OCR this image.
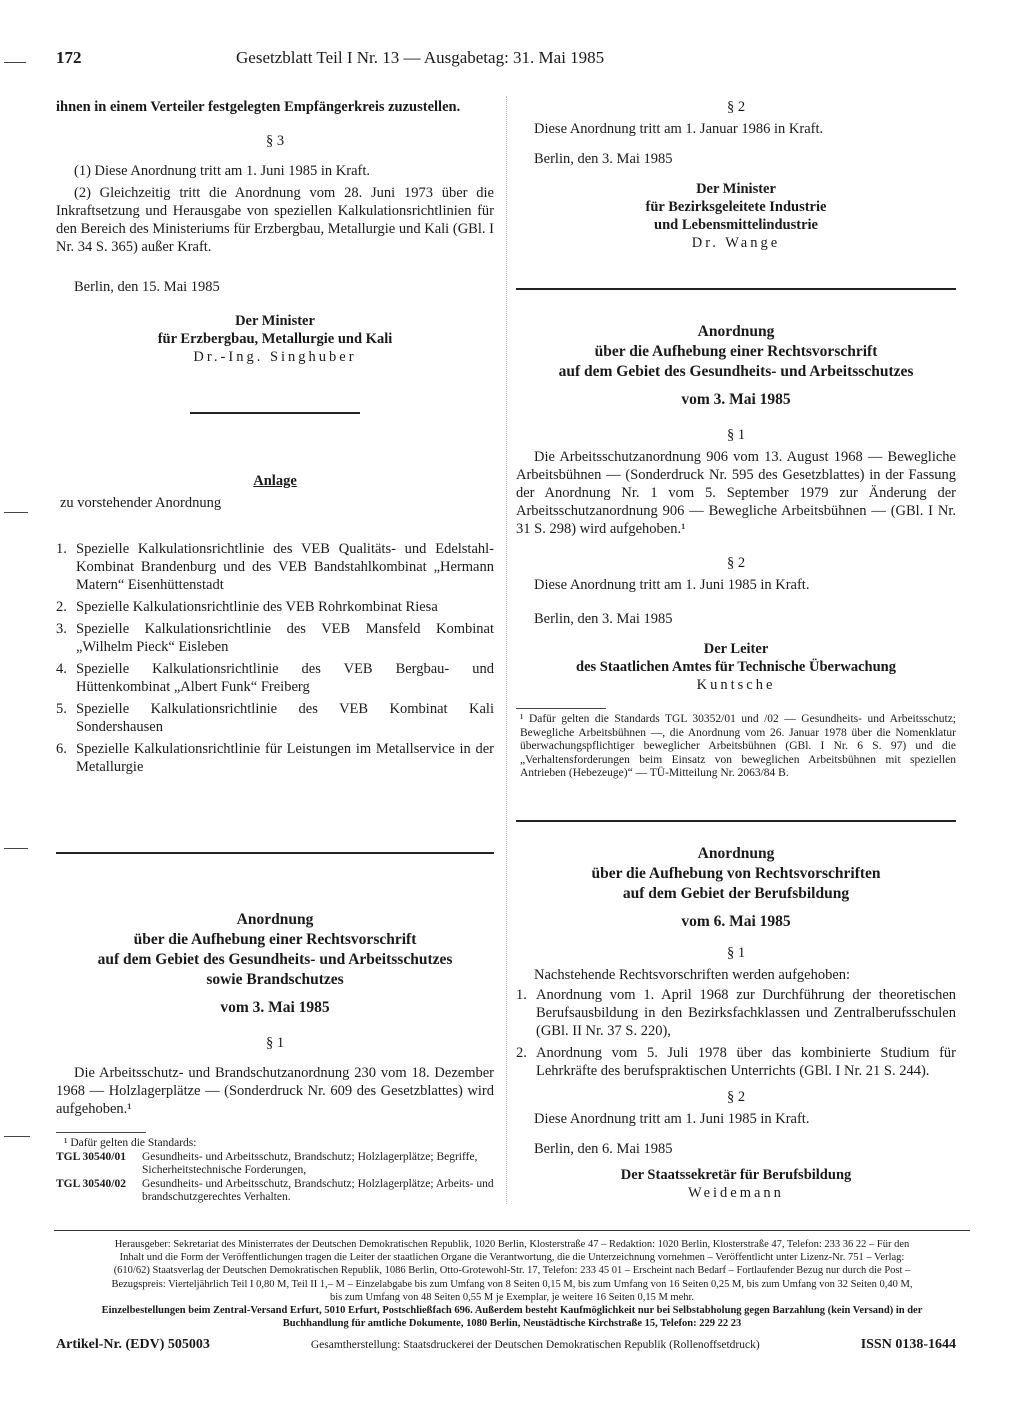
172	Gesetzblatt Teil I Nr. 13 — Ausgabetag: 31. Mai 1985

ihnen in einem Verteiler festgelegten Empfängerkreis zuzustellen.

§ 3

(1) Diese Anordnung tritt am 1. Juni 1985 in Kraft.

(2) Gleichzeitig tritt die Anordnung vom 28. Juni 1973 über die Inkraftsetzung und Herausgabe von speziellen Kalkulationsrichtlinien für den Bereich des Ministeriums für Erzbergbau, Metallurgie und Kali (GBl. I Nr. 34 S. 365) außer Kraft.

Berlin, den 15. Mai 1985

Der Minister

für Erzbergbau, Metallurgie und Kali

Dr.-Ing. Singhuber

Anlage

zu vorstehender Anordnung

1. Spezielle Kalkulationsrichtlinie des VEB Qualitäts- und Edelstahl-Kombinat Brandenburg und des VEB Bandstahlkombinat „Hermann Matern“ Eisenhüttenstadt
2. Spezielle Kalkulationsrichtlinie des VEB Rohrkombinat Riesa
3. Spezielle Kalkulationsrichtlinie des VEB Mansfeld Kombinat „Wilhelm Pieck“ Eisleben
4. Spezielle Kalkulationsrichtlinie des VEB Bergbau- und Hüttenkombinat „Albert Funk“ Freiberg
5. Spezielle Kalkulationsrichtlinie des VEB Kombinat Kali Sondershausen
6. Spezielle Kalkulationsrichtlinie für Leistungen im Metallservice in der Metallurgie

Anordnung

über die Aufhebung einer Rechtsvorschrift

auf dem Gebiet des Gesundheits- und Arbeitsschutzes

sowie Brandschutzes

vom 3. Mai 1985

§ 1

Die Arbeitsschutz- und Brandschutzanordnung 230 vom 18. Dezember 1968 — Holzlagerplätze — (Sonderdruck Nr. 609 des Gesetzblattes) wird aufgehoben.¹

¹ Dafür gelten die Standards:

TGL 30540/01	Gesundheits- und Arbeitsschutz, Brandschutz; Holzlagerplätze; Begriffe, Sicherheitstechnische Forderungen,
TGL 30540/02	Gesundheits- und Arbeitsschutz, Brandschutz; Holzlagerplätze; Arbeits- und brandschutzgerechtes Verhalten.

§ 2

Diese Anordnung tritt am 1. Januar 1986 in Kraft.

Berlin, den 3. Mai 1985

Der Minister

für Bezirksgeleitete Industrie

und Lebensmittelindustrie

Dr. Wange

Anordnung

über die Aufhebung einer Rechtsvorschrift

auf dem Gebiet des Gesundheits- und Arbeitsschutzes

vom 3. Mai 1985

§ 1

Die Arbeitsschutzanordnung 906 vom 13. August 1968 — Bewegliche Arbeitsbühnen — (Sonderdruck Nr. 595 des Gesetzblattes) in der Fassung der Anordnung Nr. 1 vom 5. September 1979 zur Änderung der Arbeitsschutzanordnung 906 — Bewegliche Arbeitsbühnen — (GBl. I Nr. 31 S. 298) wird aufgehoben.¹

§ 2

Diese Anordnung tritt am 1. Juni 1985 in Kraft.

Berlin, den 3. Mai 1985

Der Leiter

des Staatlichen Amtes für Technische Überwachung

Kuntsche

¹ Dafür gelten die Standards TGL 30352/01 und /02 — Gesundheits- und Arbeitsschutz; Bewegliche Arbeitsbühnen —, die Anordnung vom 26. Januar 1978 über die Nomenklatur überwachungspflichtiger beweglicher Arbeitsbühnen (GBl. I Nr. 6 S. 97) und die „Verhaltensforderungen beim Einsatz von beweglichen Arbeitsbühnen mit speziellen Antrieben (Hebezeuge)“ — TÜ-Mitteilung Nr. 2063/84 B.

Anordnung

über die Aufhebung von Rechtsvorschriften

auf dem Gebiet der Berufsbildung

vom 6. Mai 1985

§ 1

Nachstehende Rechtsvorschriften werden aufgehoben:

1. Anordnung vom 1. April 1968 zur Durchführung der theoretischen Berufsausbildung in den Bezirksfachklassen und Zentralberufsschulen (GBl. II Nr. 37 S. 220),
2. Anordnung vom 5. Juli 1978 über das kombinierte Studium für Lehrkräfte des berufspraktischen Unterrichts (GBl. I Nr. 21 S. 244).

§ 2

Diese Anordnung tritt am 1. Juni 1985 in Kraft.

Berlin, den 6. Mai 1985

Der Staatssekretär für Berufsbildung

Weidemann

Herausgeber: Sekretariat des Ministerrates der Deutschen Demokratischen Republik, 1020 Berlin, Klosterstraße 47 – Redaktion: 1020 Berlin, Klosterstraße 47, Telefon: 233 36 22 – Für den

Inhalt und die Form der Veröffentlichungen tragen die Leiter der staatlichen Organe die Verantwortung, die die Unterzeichnung vornehmen – Veröffentlicht unter Lizenz-Nr. 751 – Verlag:

(610/62) Staatsverlag der Deutschen Demokratischen Republik, 1086 Berlin, Otto-Grotewohl-Str. 17, Telefon: 233 45 01 – Erscheint nach Bedarf – Fortlaufender Bezug nur durch die Post –

Bezugspreis: Vierteljährlich Teil I 0,80 M, Teil II 1,– M – Einzelabgabe bis zum Umfang von 8 Seiten 0,15 M, bis zum Umfang von 16 Seiten 0,25 M, bis zum Umfang von 32 Seiten 0,40 M,

bis zum Umfang von 48 Seiten 0,55 M je Exemplar, je weitere 16 Seiten 0,15 M mehr.

Einzelbestellungen beim Zentral-Versand Erfurt, 5010 Erfurt, Postschließfach 696. Außerdem besteht Kaufmöglichkeit nur bei Selbstabholung gegen Barzahlung (kein Versand) in der

Buchhandlung für amtliche Dokumente, 1080 Berlin, Neustädtische Kirchstraße 15, Telefon: 229 22 23

Artikel-Nr. (EDV) 505003	Gesamtherstellung: Staatsdruckerei der Deutschen Demokratischen Republik (Rollenoffsetdruck)	ISSN 0138-1644
